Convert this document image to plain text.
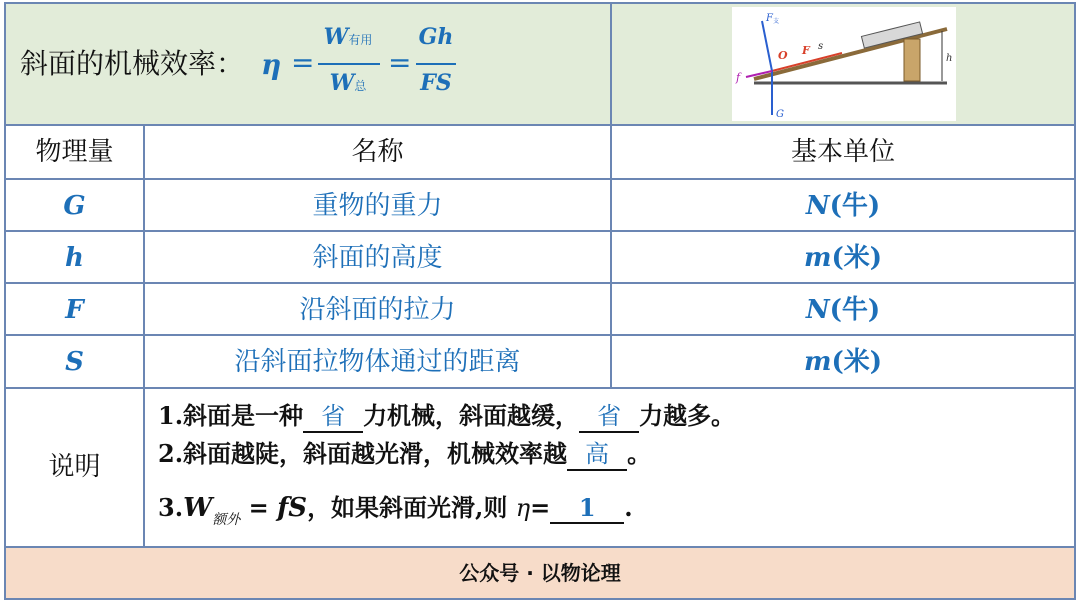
斜面的机械效率： η =
W有用
W总
=
Gh
FS
F 支
O F s
f
G
h
物理量	名称	基本单位
G	重物的重力	N(牛)
h	斜面的高度	m(米)
F	沿斜面的拉力	N(牛)
S	沿斜面拉物体通过的距离	m(米)
说明
1.斜面是一种 省 力机械，斜面越缓， 省 力越多。
2.斜面越陡，斜面越光滑，机械效率越 高 。
$3.W_{额外}$ = fS，如果斜面光滑,则 η= 1 .
公众号 · 以物论理
